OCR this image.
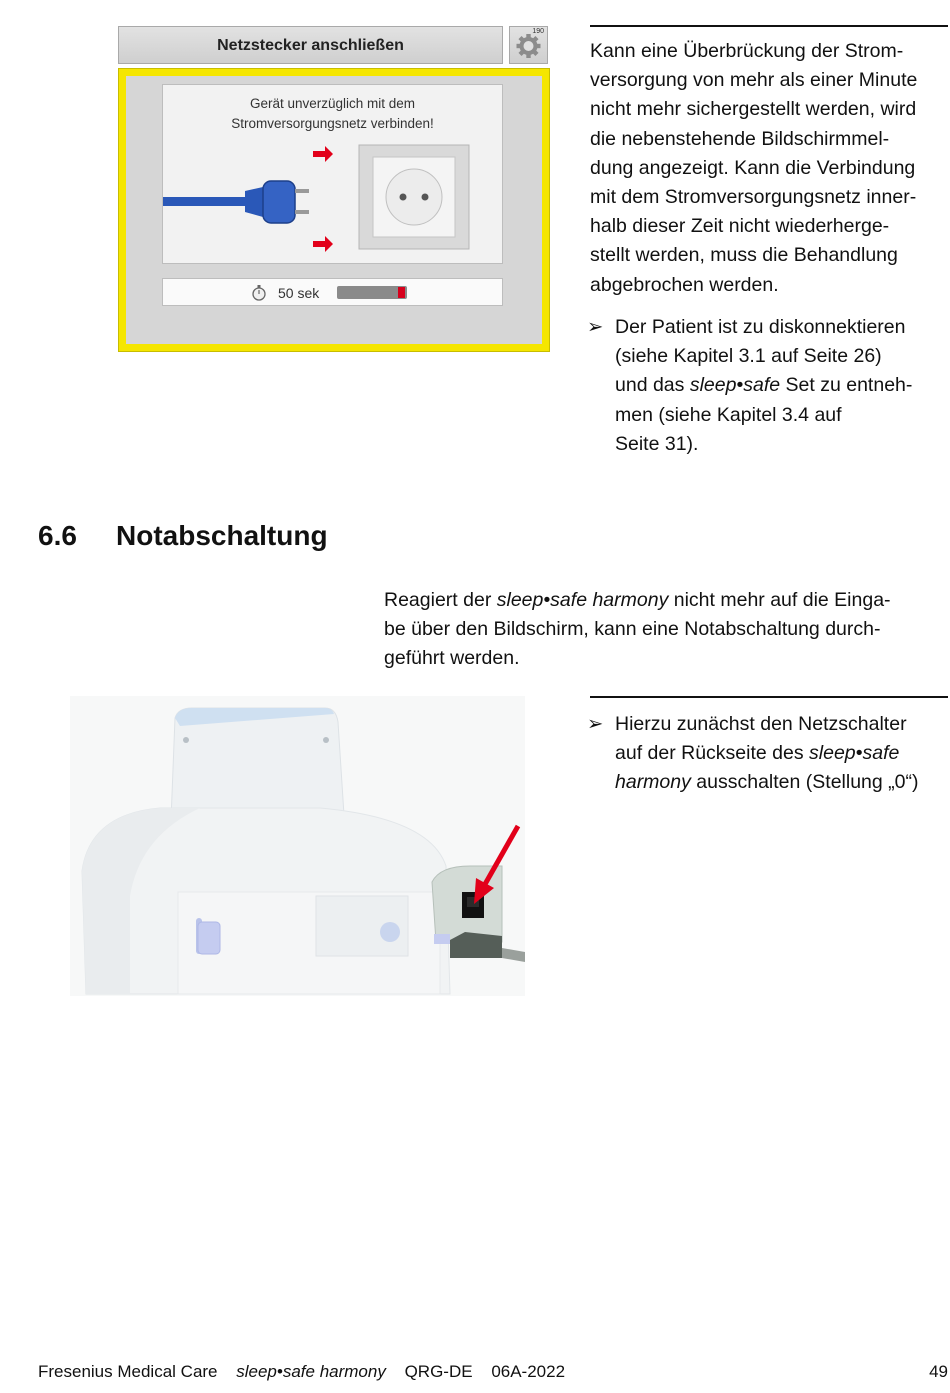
Netzstecker anschließen
190
Gerät unverzüglich mit dem
Stromversorgungsnetz verbinden!
50 sek

Kann eine Überbrückung der Strom-

versorgung von mehr als einer Minute

nicht mehr sichergestellt werden, wird

die nebenstehende Bildschirmmel-

dung angezeigt. Kann die Verbindung

mit dem Stromversorgungsnetz inner-

halb dieser Zeit nicht wiederherge-

stellt werden, muss die Behandlung

abgebrochen werden.

➢ Der Patient ist zu diskonnektieren
(siehe Kapitel 3.1 auf Seite 26)
und das sleep•safe Set zu entneh-
men (siehe Kapitel 3.4 auf
Seite 31).
6.6 Notabschaltung

Reagiert der sleep•safe harmony nicht mehr auf die Einga-

be über den Bildschirm, kann eine Notabschaltung durch-

geführt werden.

➢ Hierzu zunächst den Netzschalter
auf der Rückseite des sleep•safe
harmony ausschalten (Stellung „0“)
Fresenius Medical Care sleep•safe harmony QRG-DE 06A-2022	49
